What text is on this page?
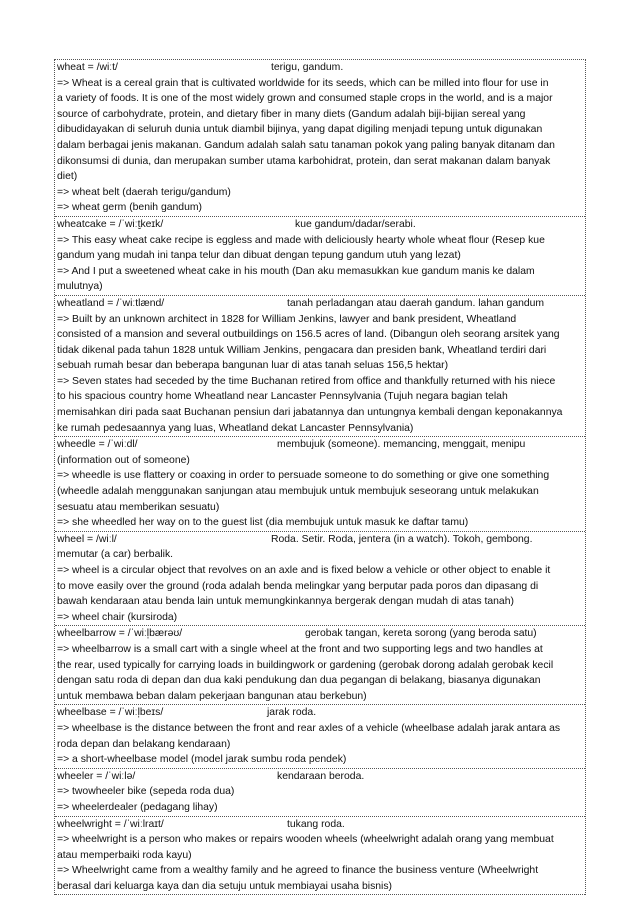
wheat = /wiːt/	terigu, gandum.
=> Wheat is a cereal grain that is cultivated worldwide for its seeds, which can be milled into flour for use in
a variety of foods. It is one of the most widely grown and consumed staple crops in the world, and is a major
source of carbohydrate, protein, and dietary fiber in many diets (Gandum adalah biji-bijian sereal yang
dibudidayakan di seluruh dunia untuk diambil bijinya, yang dapat digiling menjadi tepung untuk digunakan
dalam berbagai jenis makanan. Gandum adalah salah satu tanaman pokok yang paling banyak ditanam dan
dikonsumsi di dunia, dan merupakan sumber utama karbohidrat, protein, dan serat makanan dalam banyak
diet)
=> wheat belt (daerah terigu/gandum)
=> wheat germ (benih gandum)
wheatcake = /ˈwiːt̬keɪk/	kue gandum/dadar/serabi.
=> This easy wheat cake recipe is eggless and made with deliciously hearty whole wheat flour (Resep kue
gandum yang mudah ini tanpa telur dan dibuat dengan tepung gandum utuh yang lezat)
=> And I put a sweetened wheat cake in his mouth (Dan aku memasukkan kue gandum manis ke dalam
mulutnya)
wheatland = /ˈwiːtlænd/	tanah perladangan atau daerah gandum. lahan gandum
=> Built by an unknown architect in 1828 for William Jenkins, lawyer and bank president, Wheatland
consisted of a mansion and several outbuildings on 156.5 acres of land. (Dibangun oleh seorang arsitek yang
tidak dikenal pada tahun 1828 untuk William Jenkins, pengacara dan presiden bank, Wheatland terdiri dari
sebuah rumah besar dan beberapa bangunan luar di atas tanah seluas 156,5 hektar)
=> Seven states had seceded by the time Buchanan retired from office and thankfully returned with his niece
to his spacious country home Wheatland near Lancaster Pennsylvania (Tujuh negara bagian telah
memisahkan diri pada saat Buchanan pensiun dari jabatannya dan untungnya kembali dengan keponakannya
ke rumah pedesaannya yang luas, Wheatland dekat Lancaster Pennsylvania)
wheedle = /ˈwiːdl/	membujuk (someone). memancing, menggait, menipu
(information out of someone)
=> wheedle is use flattery or coaxing in order to persuade someone to do something or give one something
(wheedle adalah menggunakan sanjungan atau membujuk untuk membujuk seseorang untuk melakukan
sesuatu atau memberikan sesuatu)
=> she wheedled her way on to the guest list (dia membujuk untuk masuk ke daftar tamu)
wheel = /wiːl/	Roda. Setir. Roda, jentera (in a watch). Tokoh, gembong.
memutar (a car) berbalik.
=> wheel is a circular object that revolves on an axle and is fixed below a vehicle or other object to enable it
to move easily over the ground (roda adalah benda melingkar yang berputar pada poros dan dipasang di
bawah kendaraan atau benda lain untuk memungkinkannya bergerak dengan mudah di atas tanah)
=> wheel chair (kursiroda)
wheelbarrow = /ˈwiːl̩bærəʊ/	gerobak tangan, kereta sorong (yang beroda satu)
=> wheelbarrow is a small cart with a single wheel at the front and two supporting legs and two handles at
the rear, used typically for carrying loads in buildingwork or gardening (gerobak dorong adalah gerobak kecil
dengan satu roda di depan dan dua kaki pendukung dan dua pegangan di belakang, biasanya digunakan
untuk membawa beban dalam pekerjaan bangunan atau berkebun)
wheelbase = /ˈwiːl̩beɪs/	jarak roda.
=> wheelbase is the distance between the front and rear axles of a vehicle (wheelbase adalah jarak antara as
roda depan dan belakang kendaraan)
=> a short-wheelbase model (model jarak sumbu roda pendek)
wheeler = /ˈwiːlə/	kendaraan beroda.
=> twowheeler bike (sepeda roda dua)
=> wheelerdealer (pedagang lihay)
wheelwright = /ˈwiːlraɪt/	tukang roda.
=> wheelwright is a person who makes or repairs wooden wheels (wheelwright adalah orang yang membuat
atau memperbaiki roda kayu)
=> Wheelwright came from a wealthy family and he agreed to finance the business venture (Wheelwright
berasal dari keluarga kaya dan dia setuju untuk membiayai usaha bisnis)
